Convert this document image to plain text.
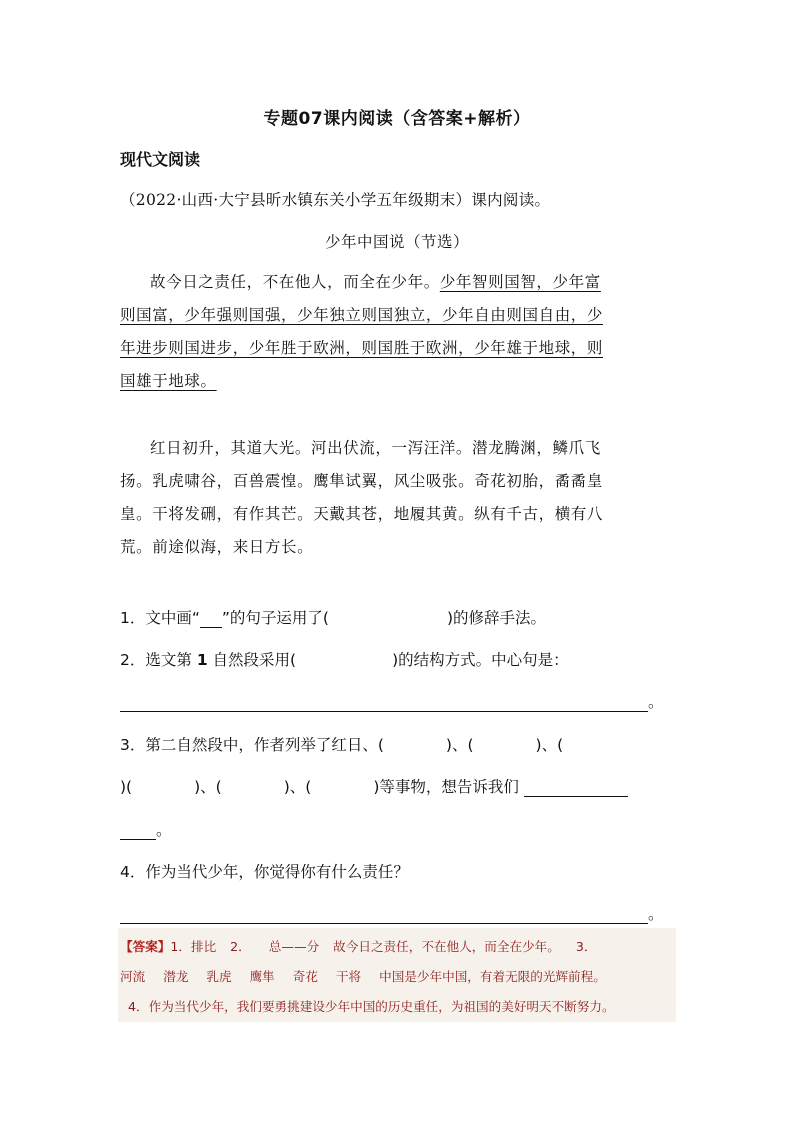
专题07课内阅读（含答案+解析）
现代文阅读
（2022·山西·大宁县昕水镇东关小学五年级期末）课内阅读。
少年中国说（节选）
故今日之责任，不在他人，而全在少年。少年智则国智，少年富
则国富，少年强则国强，少年独立则国独立，少年自由则国自由，少
年进步则国进步，少年胜于欧洲，则国胜于欧洲，少年雄于地球，则
国雄于地球。
红日初升，其道大光。河出伏流，一泻汪洋。潜龙腾渊，鳞爪飞
扬。乳虎啸谷，百兽震惶。鹰隼试翼，风尘吸张。奇花初胎，矞矞皇
皇。干将发硎，有作其芒。天戴其苍，地履其黄。纵有千古，横有八
荒。前途似海，来日方长。
1．文中画“ ”的句子运用了(	)的修辞手法。
2．选文第 1 自然段采用(	)的结构方式。中心句是：
。
3．第二自然段中，作者列举了红日、(	)、(	)、(
)(	)、(	)、(	)等事物，想告诉我们
。
4．作为当代少年，你觉得你有什么责任？
。
【答案】1．排比 2． 总——分 故今日之责任，不在他人，而全在少年。 3．
河流 潜龙 乳虎 鹰隼 奇花 干将 中国是少年中国，有着无限的光辉前程。
4．作为当代少年，我们要勇挑建设少年中国的历史重任，为祖国的美好明天不断努力。
